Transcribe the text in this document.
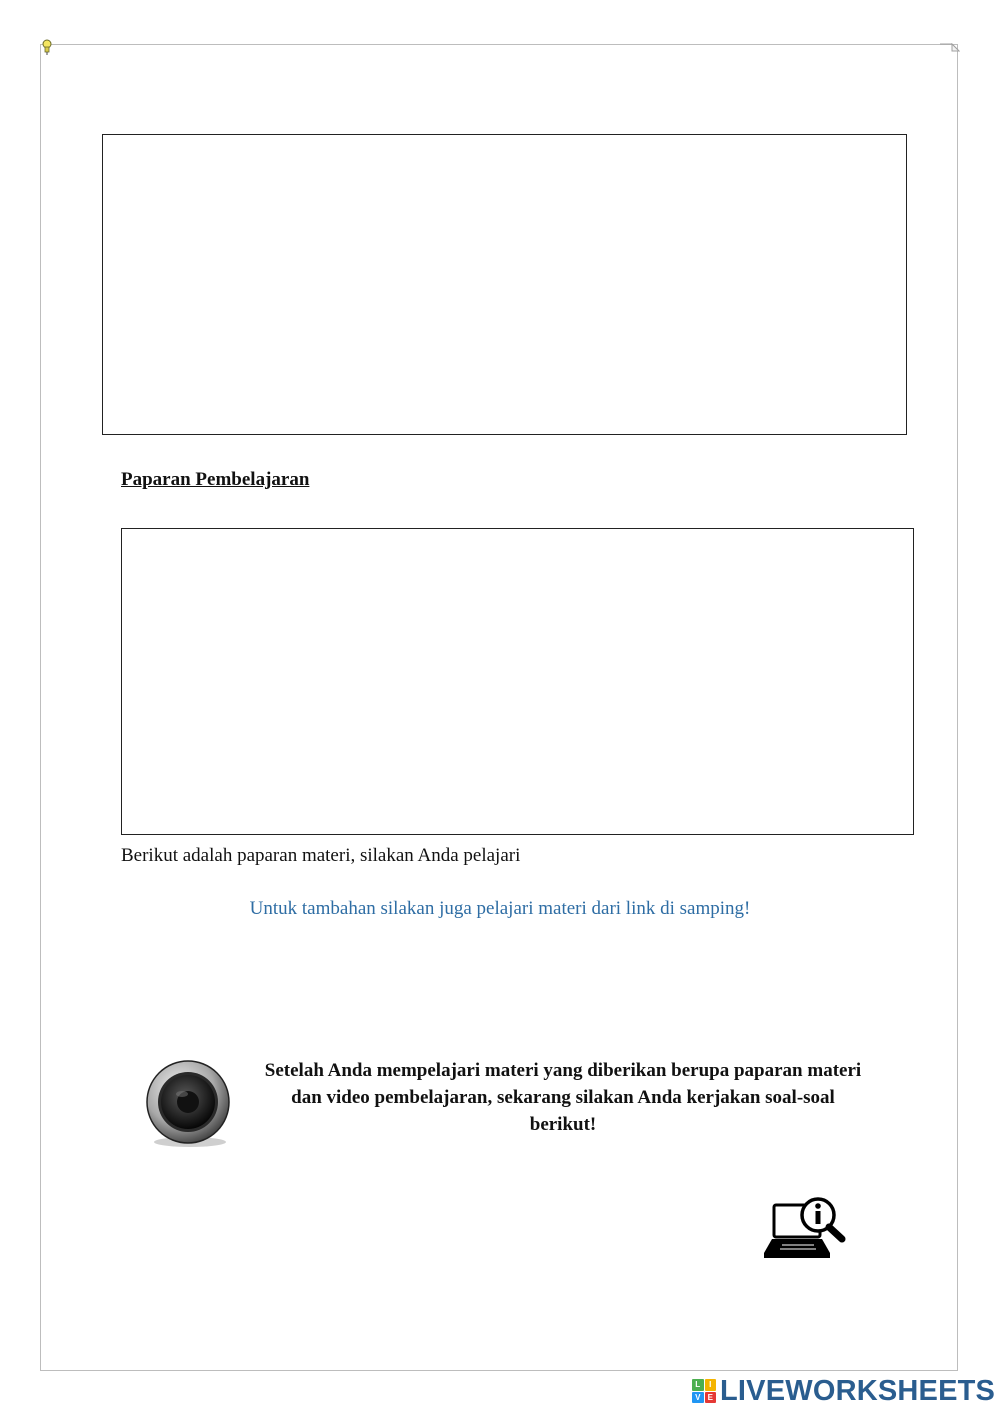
Paparan Pembelajaran
Berikut adalah paparan materi, silakan Anda pelajari
Untuk tambahan silakan juga pelajari materi dari link di samping!
Setelah Anda mempelajari materi yang diberikan berupa paparan materi dan video pembelajaran, sekarang silakan Anda kerjakan soal-soal berikut!
L	I
V E LIVEWORKSHEETS
